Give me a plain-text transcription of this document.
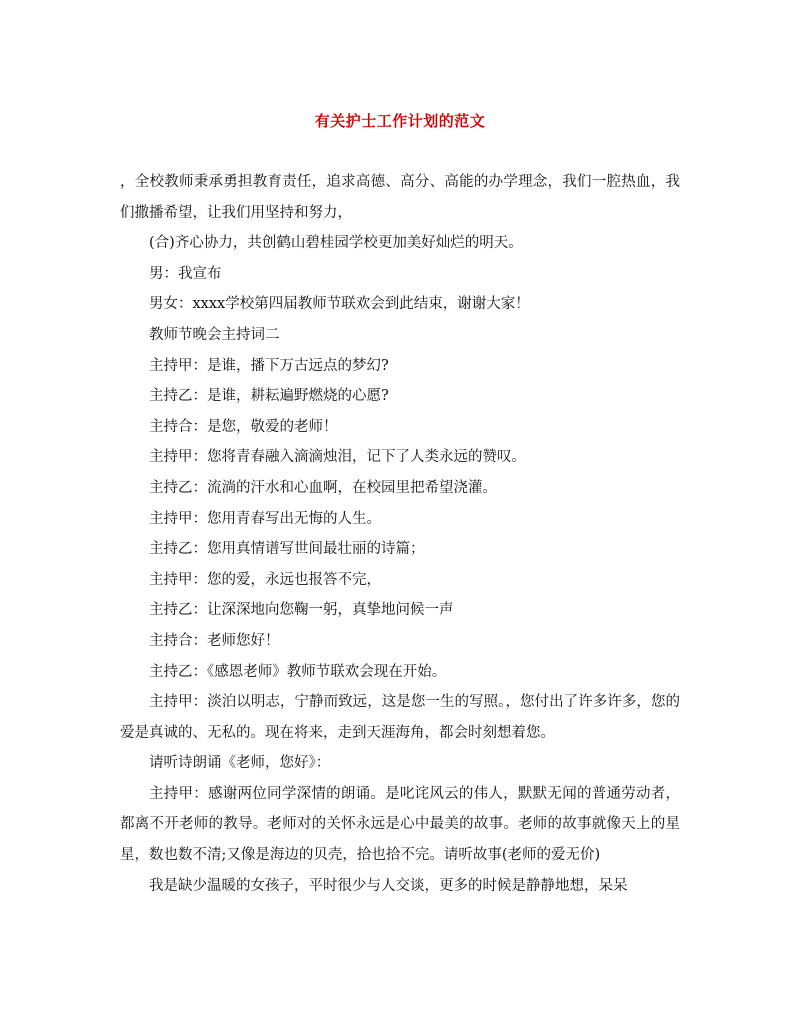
有关护士工作计划的范文

，全校教师秉承勇担教育责任，追求高德、高分、高能的办学理念，我们一腔热血，我们撒播希望，让我们用坚持和努力，

(合)齐心协力，共创鹤山碧桂园学校更加美好灿烂的明天。

男：我宣布

男女：xxxx学校第四届教师节联欢会到此结束，谢谢大家！

教师节晚会主持词二

主持甲：是谁，播下万古远点的梦幻?

主持乙：是谁，耕耘遍野燃烧的心愿?

主持合：是您，敬爱的老师！

主持甲：您将青春融入滴滴烛泪，记下了人类永远的赞叹。

主持乙：流淌的汗水和心血啊，在校园里把希望浇灌。

主持甲：您用青春写出无悔的人生。

主持乙：您用真情谱写世间最壮丽的诗篇；

主持甲：您的爱，永远也报答不完，

主持乙：让深深地向您鞠一躬，真挚地问候一声

主持合：老师您好！

主持乙：《感恩老师》教师节联欢会现在开始。

主持甲：淡泊以明志，宁静而致远，这是您一生的写照。，您付出了许多许多，您的爱是真诚的、无私的。现在将来，走到天涯海角，都会时刻想着您。

请听诗朗诵《老师，您好》：

主持甲：感谢两位同学深情的朗诵。是叱诧风云的伟人，默默无闻的普通劳动者，都离不开老师的教导。老师对的关怀永远是心中最美的故事。老师的故事就像天上的星星，数也数不清;又像是海边的贝壳，拾也拾不完。请听故事(老师的爱无价)

我是缺少温暖的女孩子，平时很少与人交谈，更多的时候是静静地想，呆呆
